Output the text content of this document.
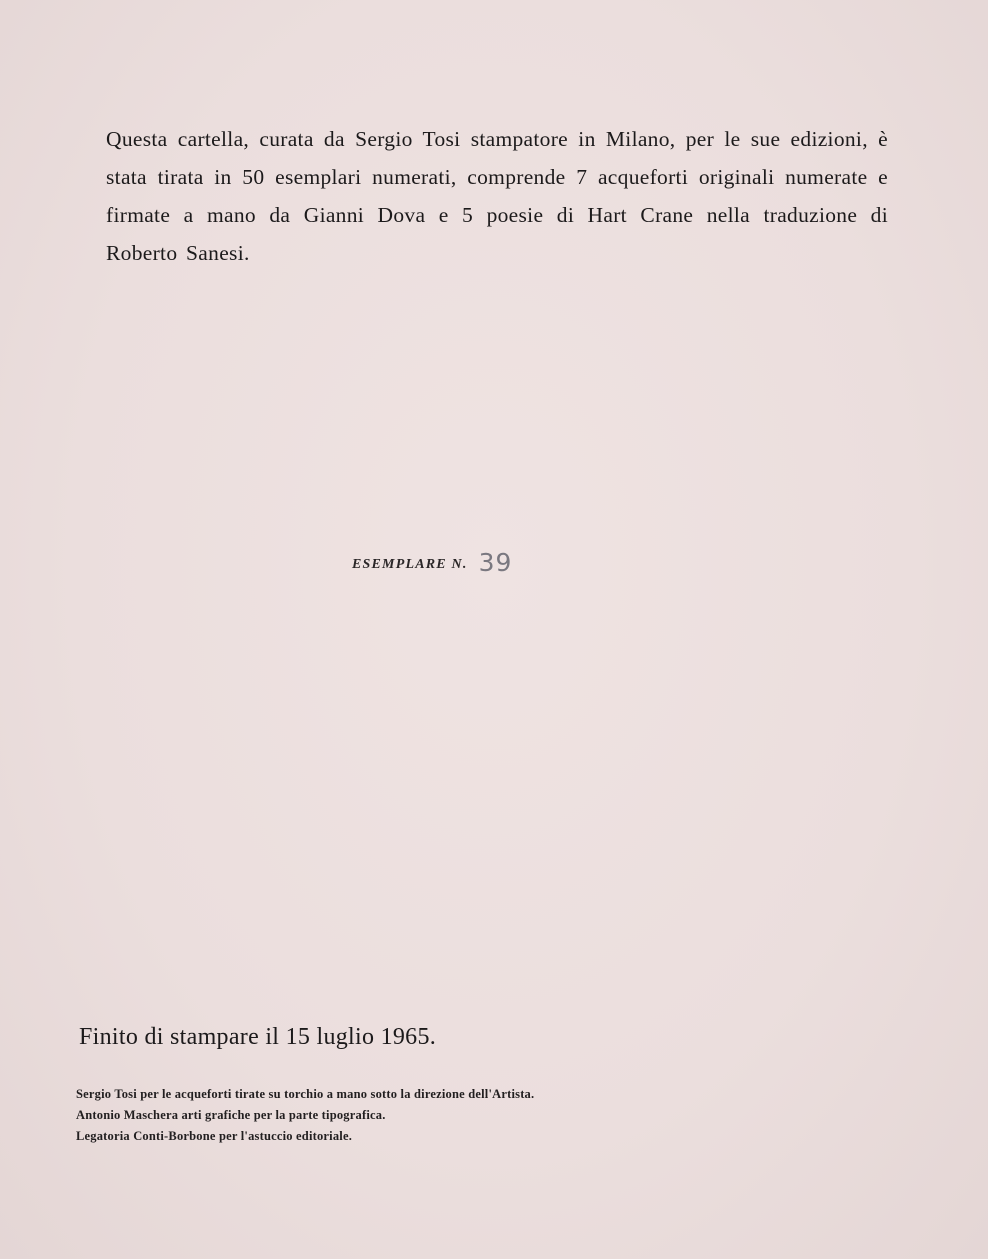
Questa cartella, curata da Sergio Tosi stampatore in Milano, per le sue edizioni, è stata tirata in 50 esemplari numerati, comprende 7 acqueforti originali numerate e firmate a mano da Gianni Dova e 5 poesie di Hart Crane nella traduzione di Roberto Sanesi.

ESEMPLARE N. 39
Finito di stampare il 15 luglio 1965.
Sergio Tosi per le acqueforti tirate su torchio a mano sotto la direzione dell'Artista.
Antonio Maschera arti grafiche per la parte tipografica.
Legatoria Conti-Borbone per l'astuccio editoriale.
